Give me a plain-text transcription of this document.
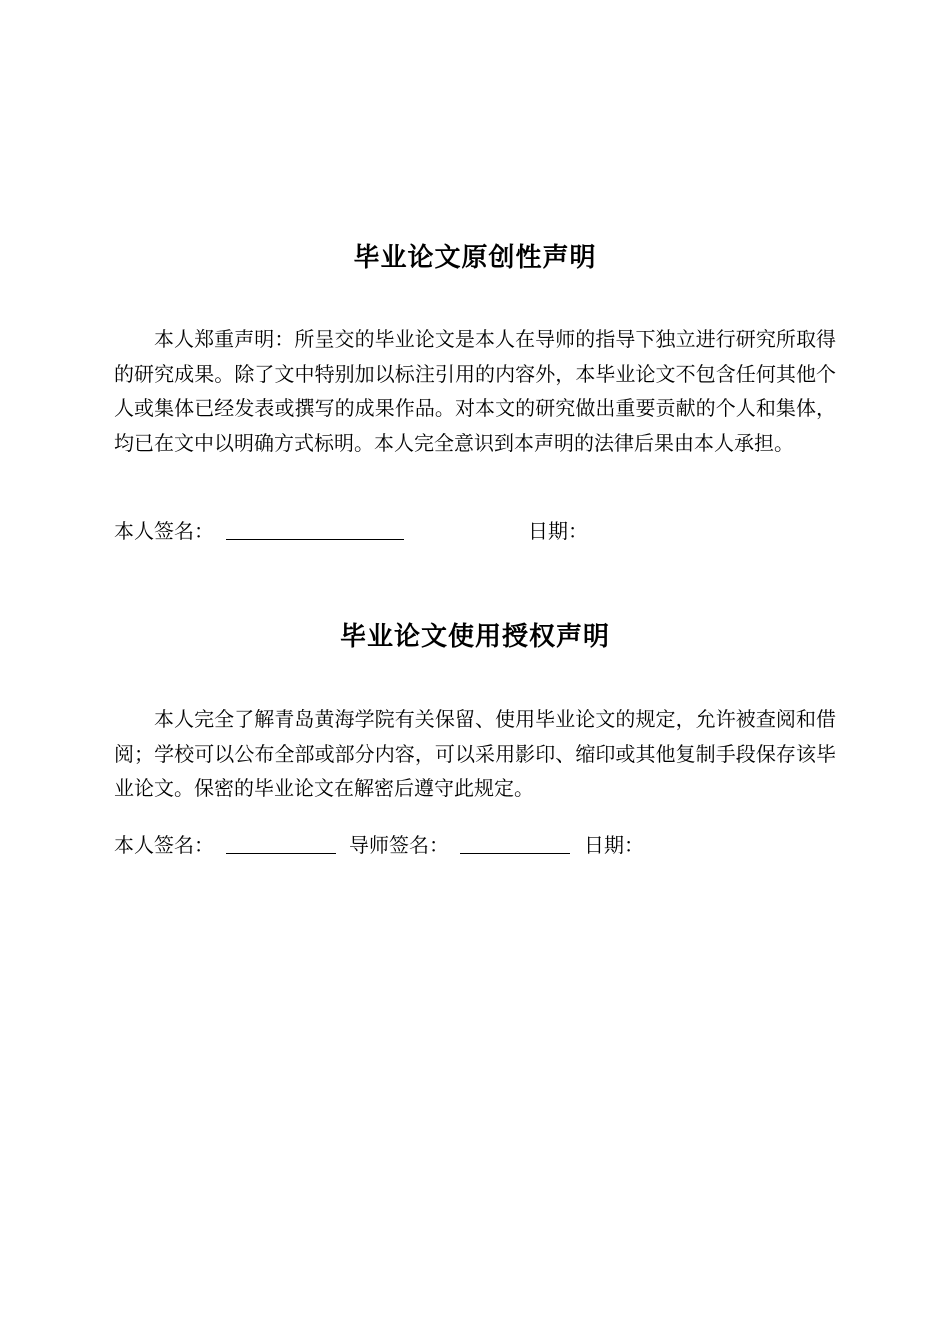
毕业论文原创性声明

本人郑重声明：所呈交的毕业论文是本人在导师的指导下独立进行研究所取得的研究成果。除了文中特别加以标注引用的内容外，本毕业论文不包含任何其他个人或集体已经发表或撰写的成果作品。对本文的研究做出重要贡献的个人和集体，均已在文中以明确方式标明。本人完全意识到本声明的法律后果由本人承担。

本人签名：	日期：
毕业论文使用授权声明

本人完全了解青岛黄海学院有关保留、使用毕业论文的规定，允许被查阅和借阅；学校可以公布全部或部分内容，可以采用影印、缩印或其他复制手段保存该毕业论文。保密的毕业论文在解密后遵守此规定。

本人签名：	导师签名：	日期：
